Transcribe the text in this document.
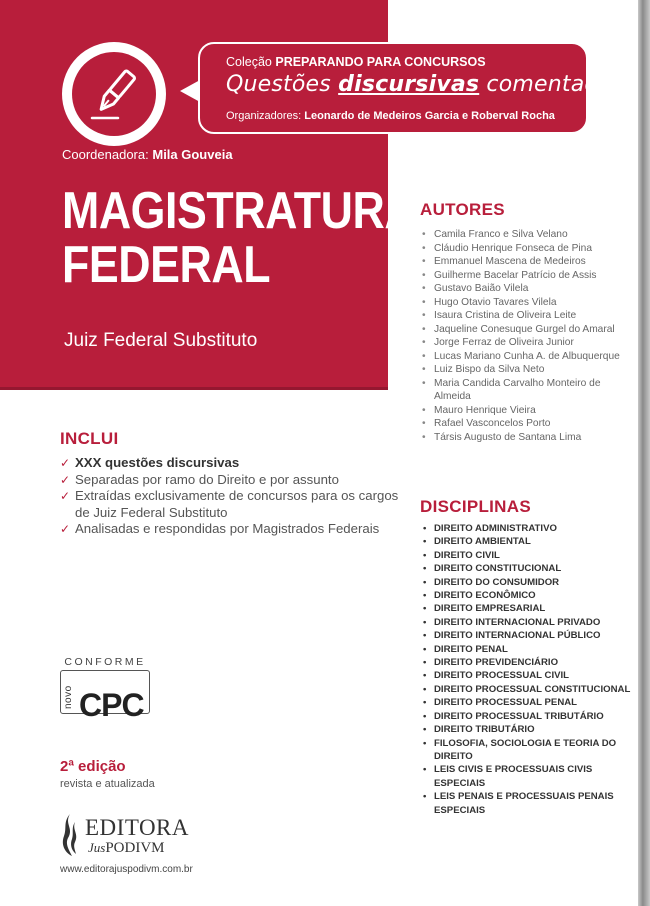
Coleção PREPARANDO PARA CONCURSOS
Questões discursivas comentadas
Organizadores: Leonardo de Medeiros Garcia e Roberval Rocha
Coordenadora: Mila Gouveia
MAGISTRATURA
FEDERAL
Juiz Federal Substituto
AUTORES
• Camila Franco e Silva Velano
• Cláudio Henrique Fonseca de Pina
• Emmanuel Mascena de Medeiros
• Guilherme Bacelar Patrício de Assis
• Gustavo Baião Vilela
• Hugo Otavio Tavares Vilela
• Isaura Cristina de Oliveira Leite
• Jaqueline Conesuque Gurgel do Amaral
• Jorge Ferraz de Oliveira Junior
• Lucas Mariano Cunha A. de Albuquerque
• Luiz Bispo da Silva Neto
• Maria Candida Carvalho Monteiro de Almeida
• Mauro Henrique Vieira
• Rafael Vasconcelos Porto
• Társis Augusto de Santana Lima
INCLUI
✓ XXX questões discursivas
✓ Separadas por ramo do Direito e por assunto
✓ Extraídas exclusivamente de concursos para os cargos de Juiz Federal Substituto
✓ Analisadas e respondidas por Magistrados Federais
DISCIPLINAS
• DIREITO ADMINISTRATIVO
• DIREITO AMBIENTAL
• DIREITO CIVIL
• DIREITO CONSTITUCIONAL
• DIREITO DO CONSUMIDOR
• DIREITO ECONÔMICO
• DIREITO EMPRESARIAL
• DIREITO INTERNACIONAL PRIVADO
• DIREITO INTERNACIONAL PÚBLICO
• DIREITO PENAL
• DIREITO PREVIDENCIÁRIO
• DIREITO PROCESSUAL CIVIL
• DIREITO PROCESSUAL CONSTITUCIONAL
• DIREITO PROCESSUAL PENAL
• DIREITO PROCESSUAL TRIBUTÁRIO
• DIREITO TRIBUTÁRIO
• FILOSOFIA, SOCIOLOGIA E TEORIA DO DIREITO
• LEIS CIVIS E PROCESSUAIS CIVIS ESPECIAIS
• LEIS PENAIS E PROCESSUAIS PENAIS ESPECIAIS
CONFORME
novo CPC
2ª edição
revista e atualizada
EDITORA
JusPODIVM
www.editorajuspodivm.com.br
